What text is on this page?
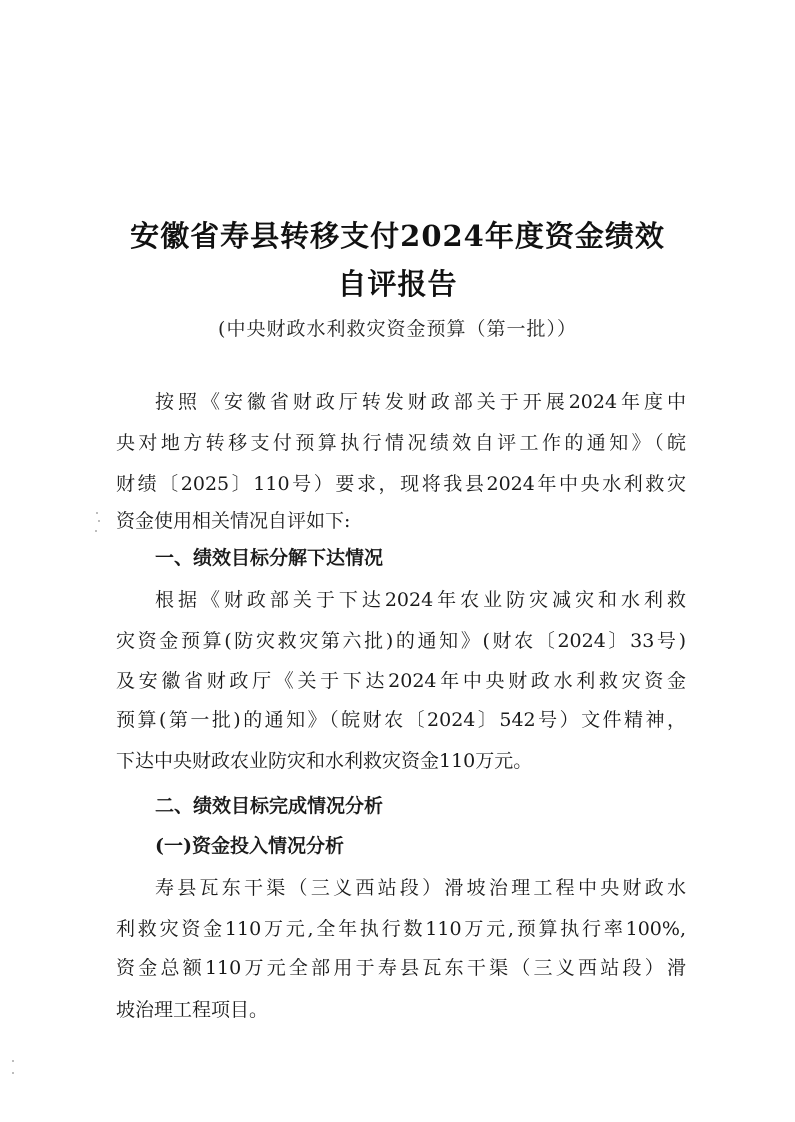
安徽省寿县转移支付2024年度资金绩效
自评报告
(中央财政水利救灾资金预算（第一批））
按照《安徽省财政厅转发财政部关于开展2024年度中
央对地方转移支付预算执行情况绩效自评工作的通知》（皖
财绩〔2025〕110号）要求，现将我县2024年中央水利救灾
资金使用相关情况自评如下:
一、绩效目标分解下达情况
根据《财政部关于下达2024年农业防灾减灾和水利救
灾资金预算(防灾救灾第六批)的通知》(财农〔2024〕33号)
及安徽省财政厅《关于下达2024年中央财政水利救灾资金
预算(第一批)的通知》（皖财农〔2024〕542号）文件精神，
下达中央财政农业防灾和水利救灾资金110万元。
二、绩效目标完成情况分析
(一)资金投入情况分析
寿县瓦东干渠（三义西站段）滑坡治理工程中央财政水
利救灾资金110万元,全年执行数110万元,预算执行率100%,
资金总额110万元全部用于寿县瓦东干渠（三义西站段）滑
坡治理工程项目。
